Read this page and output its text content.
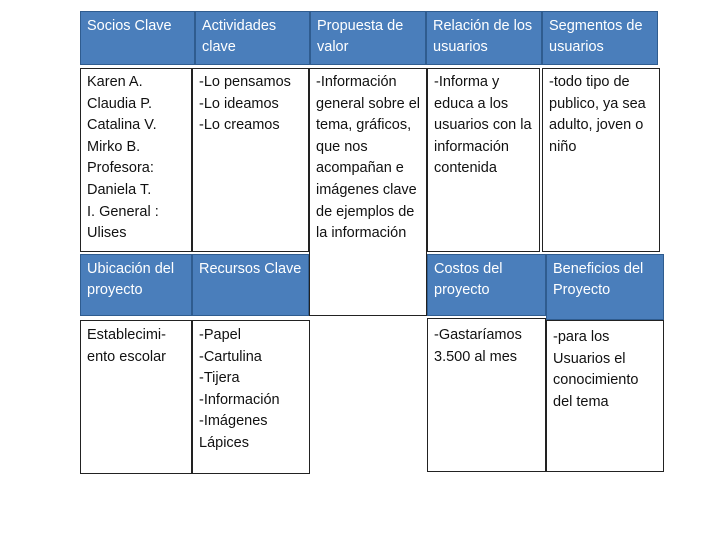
Socios Clave	Actividades clave
Propuesta de valor
Relación de los usuarios
Segmentos de usuarios
Karen A.
Claudia P.
Catalina V.
Mirko B.
Profesora:
Daniela T.
I. General :
Ulises
-Lo pensamos
-Lo ideamos
-Lo creamos
-Información general sobre el tema, gráficos, que nos acompañan e imágenes clave de ejemplos de la información
-Informa y educa a los usuarios con la información contenida
-todo tipo de publico, ya sea adulto, joven o niño
Ubicación del proyecto
Recursos Clave	Costos del proyecto
Beneficios del Proyecto
Establecimi-
ento escolar
-Papel
-Cartulina
-Tijera
-Información
-Imágenes
Lápices
-Gastaríamos
3.500 al mes
-para los Usuarios el conocimiento del tema
